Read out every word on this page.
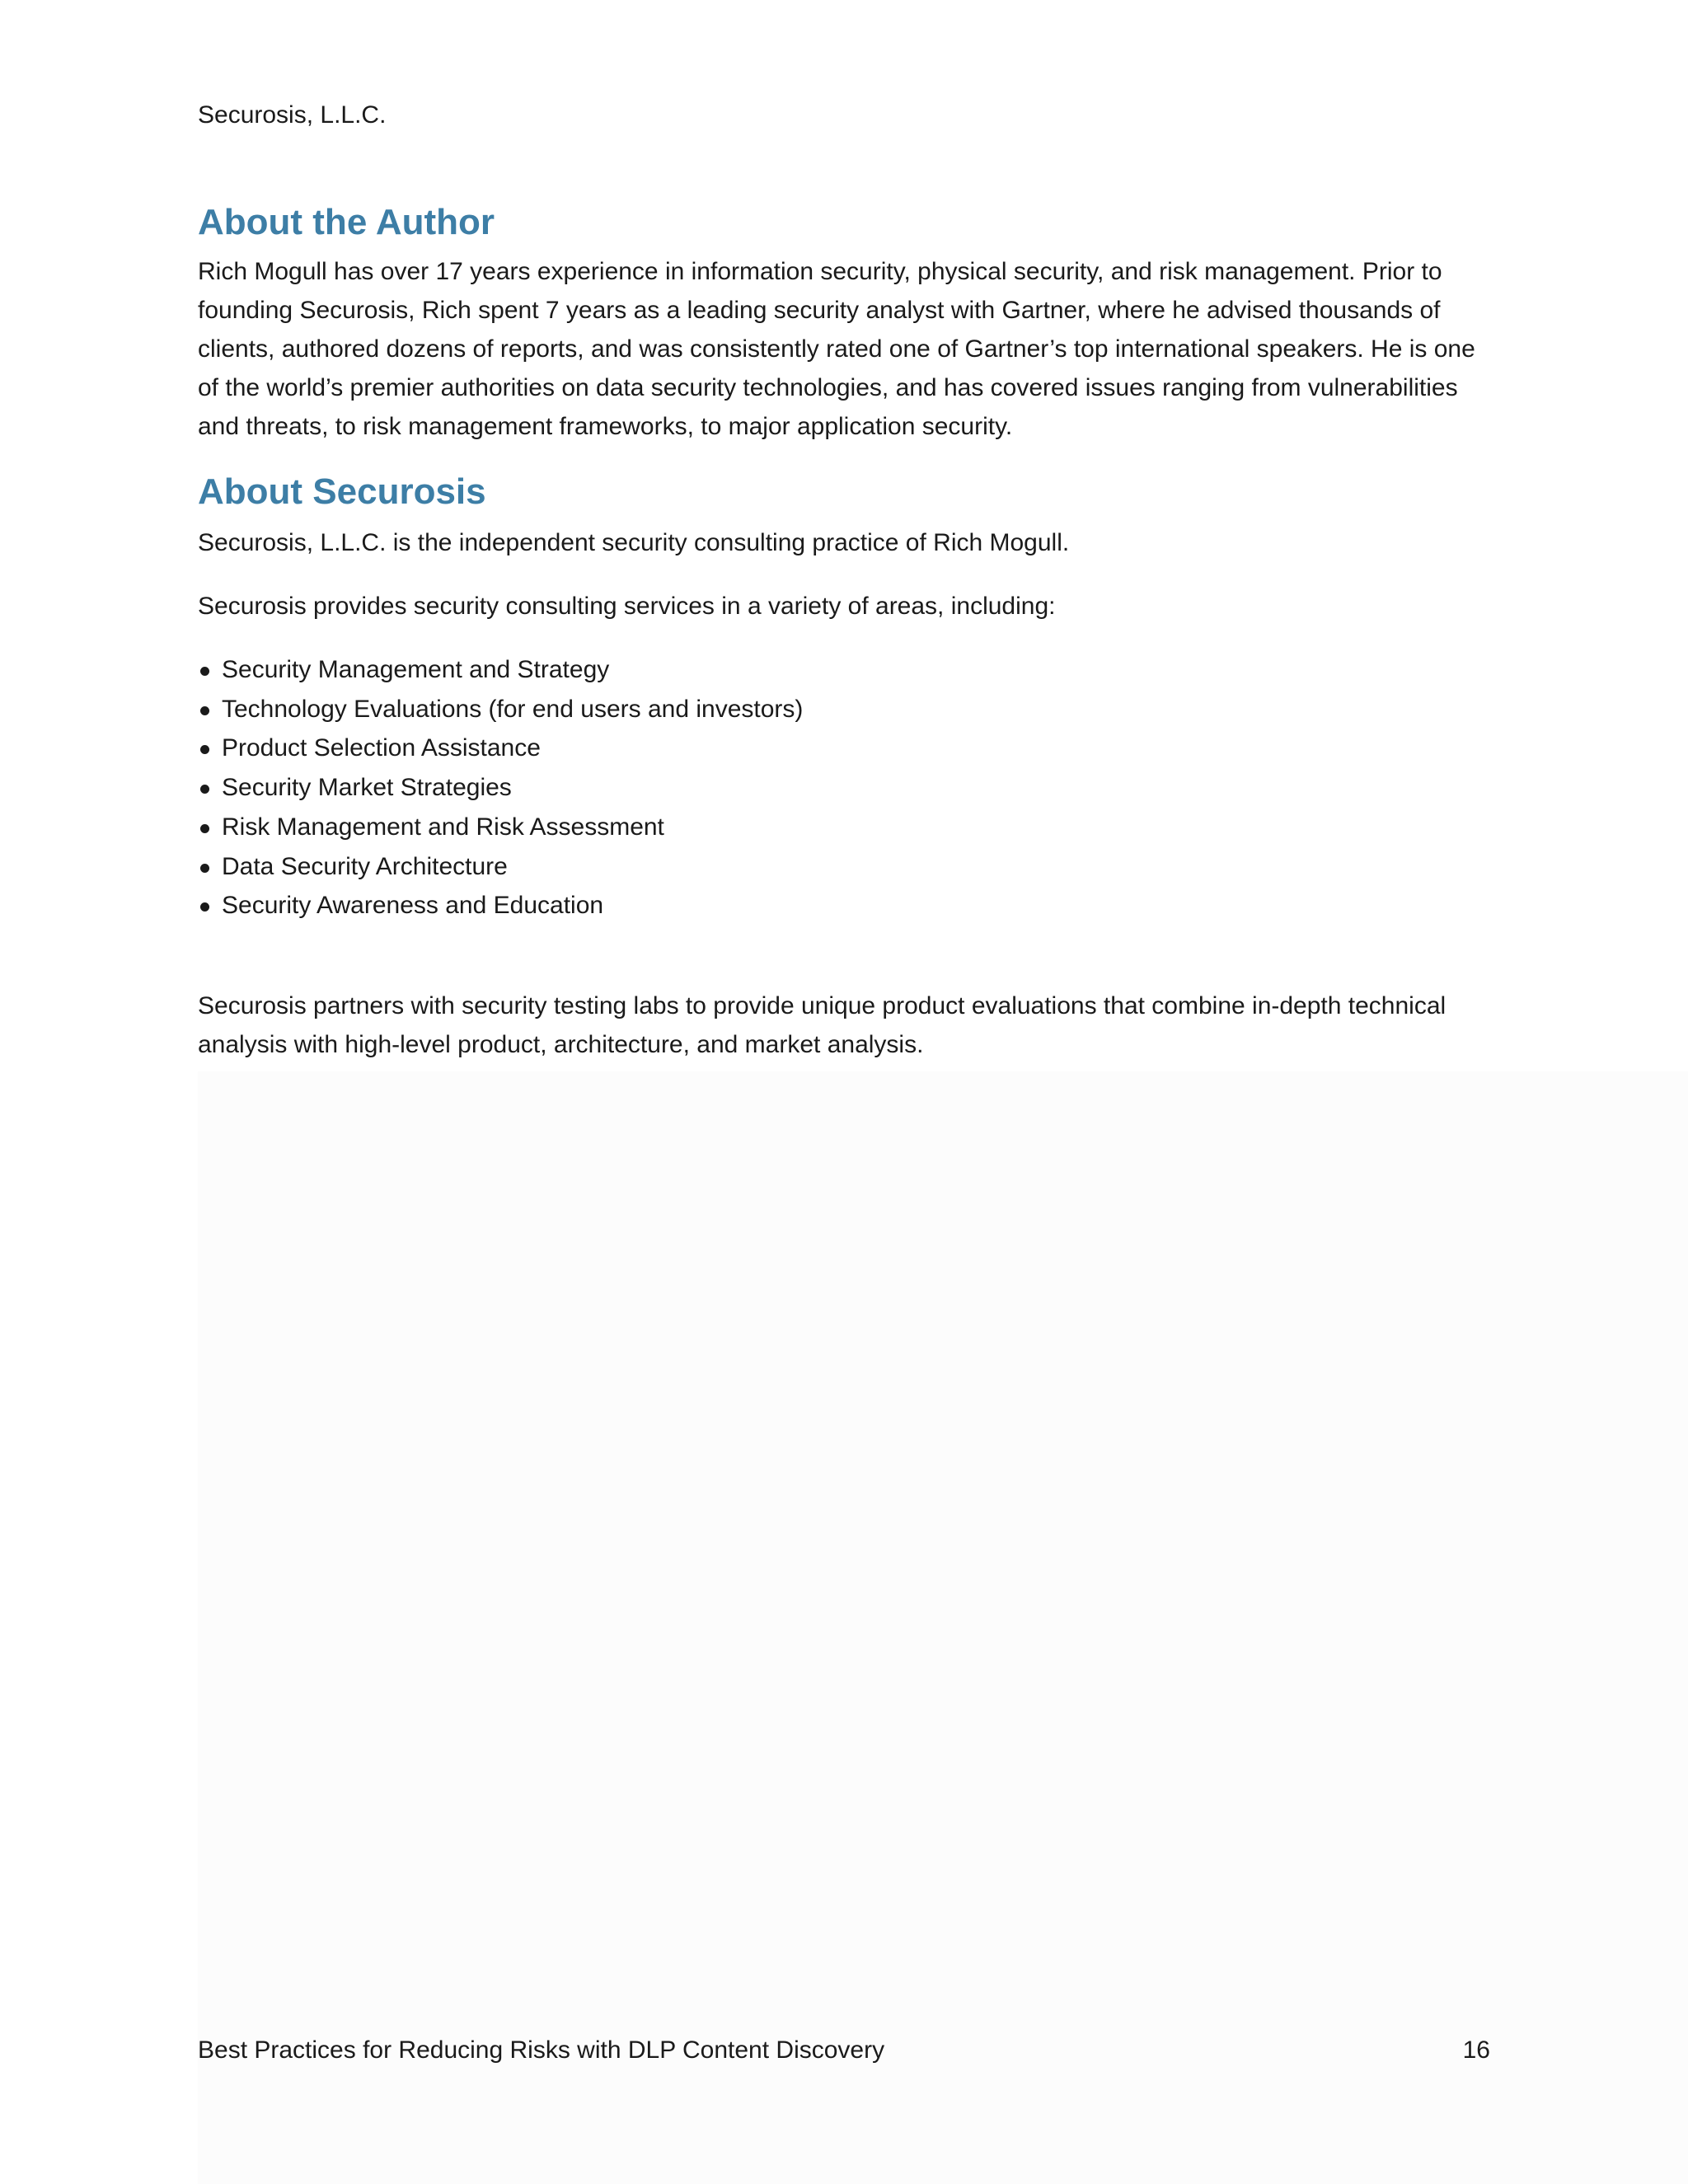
Securosis, L.L.C.

About the Author

Rich Mogull has over 17 years experience in information security, physical security, and risk management. Prior to founding Securosis, Rich spent 7 years as a leading security analyst with Gartner, where he advised thousands of clients, authored dozens of reports, and was consistently rated one of Gartner’s top international speakers. He is one of the world’s premier authorities on data security technologies, and has covered issues ranging from vulnerabilities and threats, to risk management frameworks, to major application security.

About Securosis

Securosis, L.L.C. is the independent security consulting practice of Rich Mogull.

Securosis provides security consulting services in a variety of areas, including:

Security Management and Strategy
Technology Evaluations (for end users and investors)
Product Selection Assistance
Security Market Strategies
Risk Management and Risk Assessment
Data Security Architecture
Security Awareness and Education

Securosis partners with security testing labs to provide unique product evaluations that combine in-depth technical analysis with high-level product, architecture, and market analysis.

Best Practices for Reducing Risks with DLP Content Discovery	16
